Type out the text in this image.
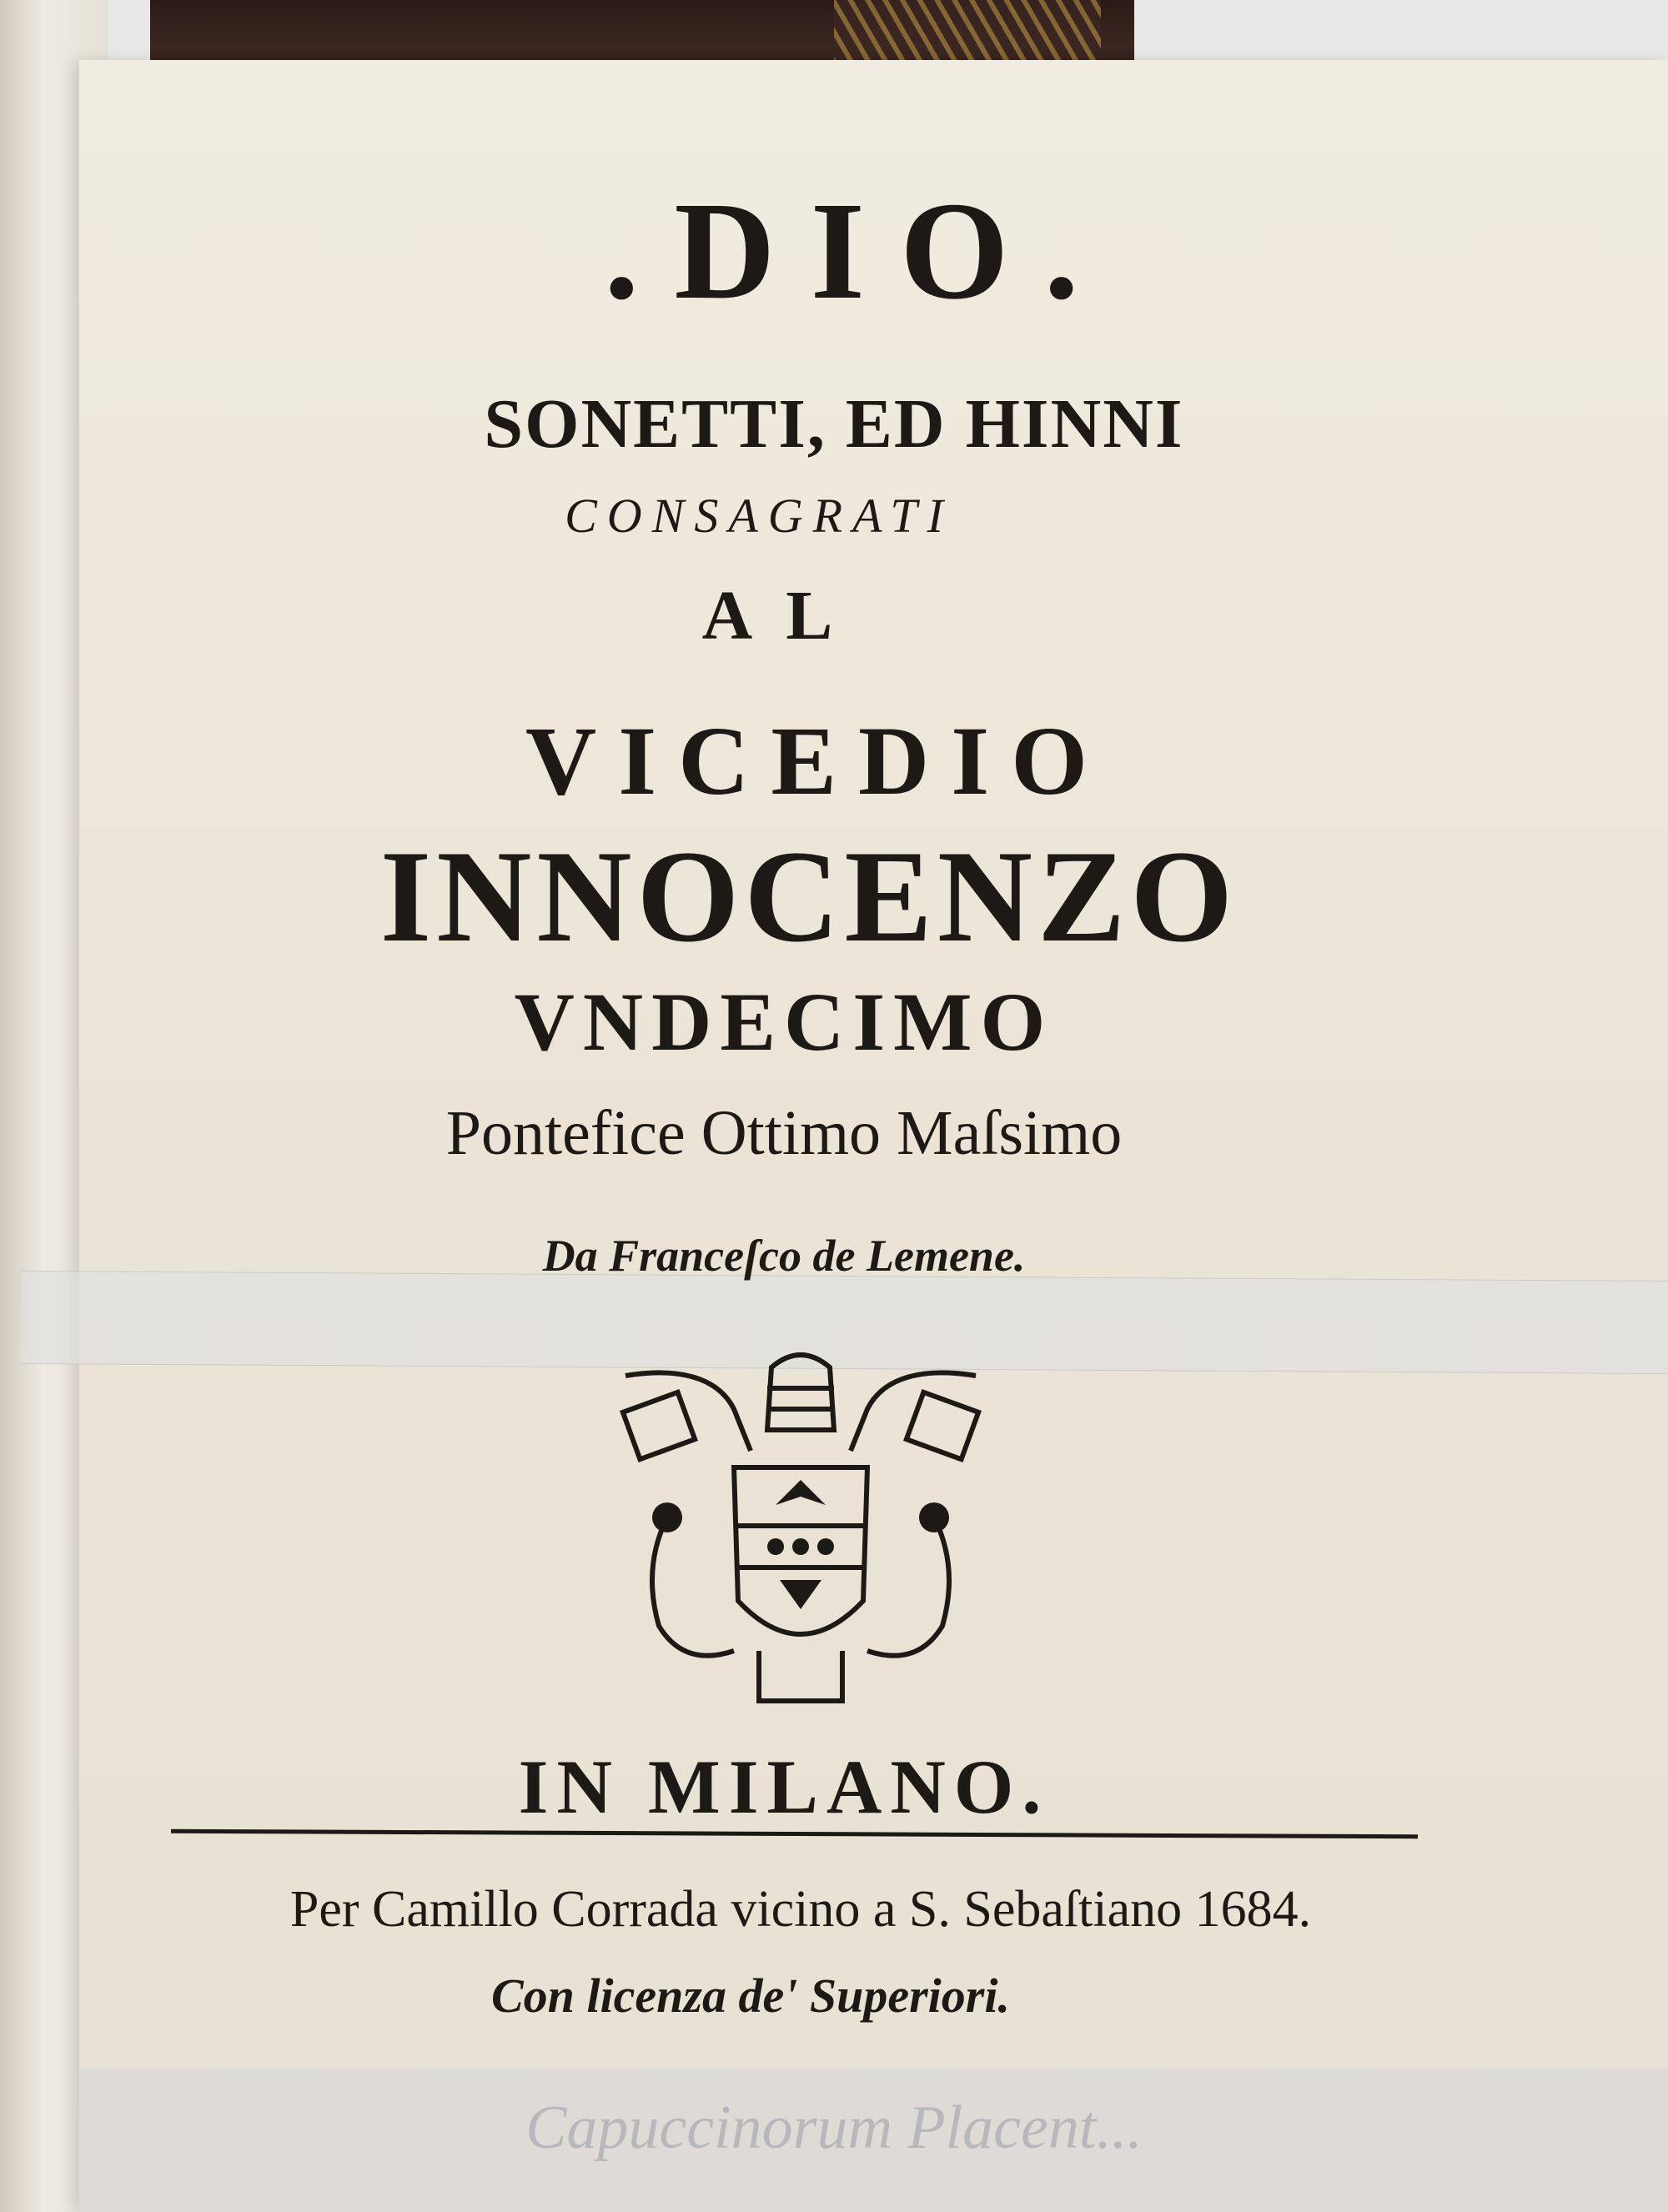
.DIO.

SONETTI, ED HINNI

CONSAGRATI

AL

VICEDIO

INNOCENZO

VNDECIMO

Pontefice Ottimo Maſsimo

Da Franceſco de Lemene.

IN MILANO.

Per Camillo Corrada vicino a S. Sebaſtiano 1684.

Con licenza de' Superiori.

Capuccinorum Placent...
